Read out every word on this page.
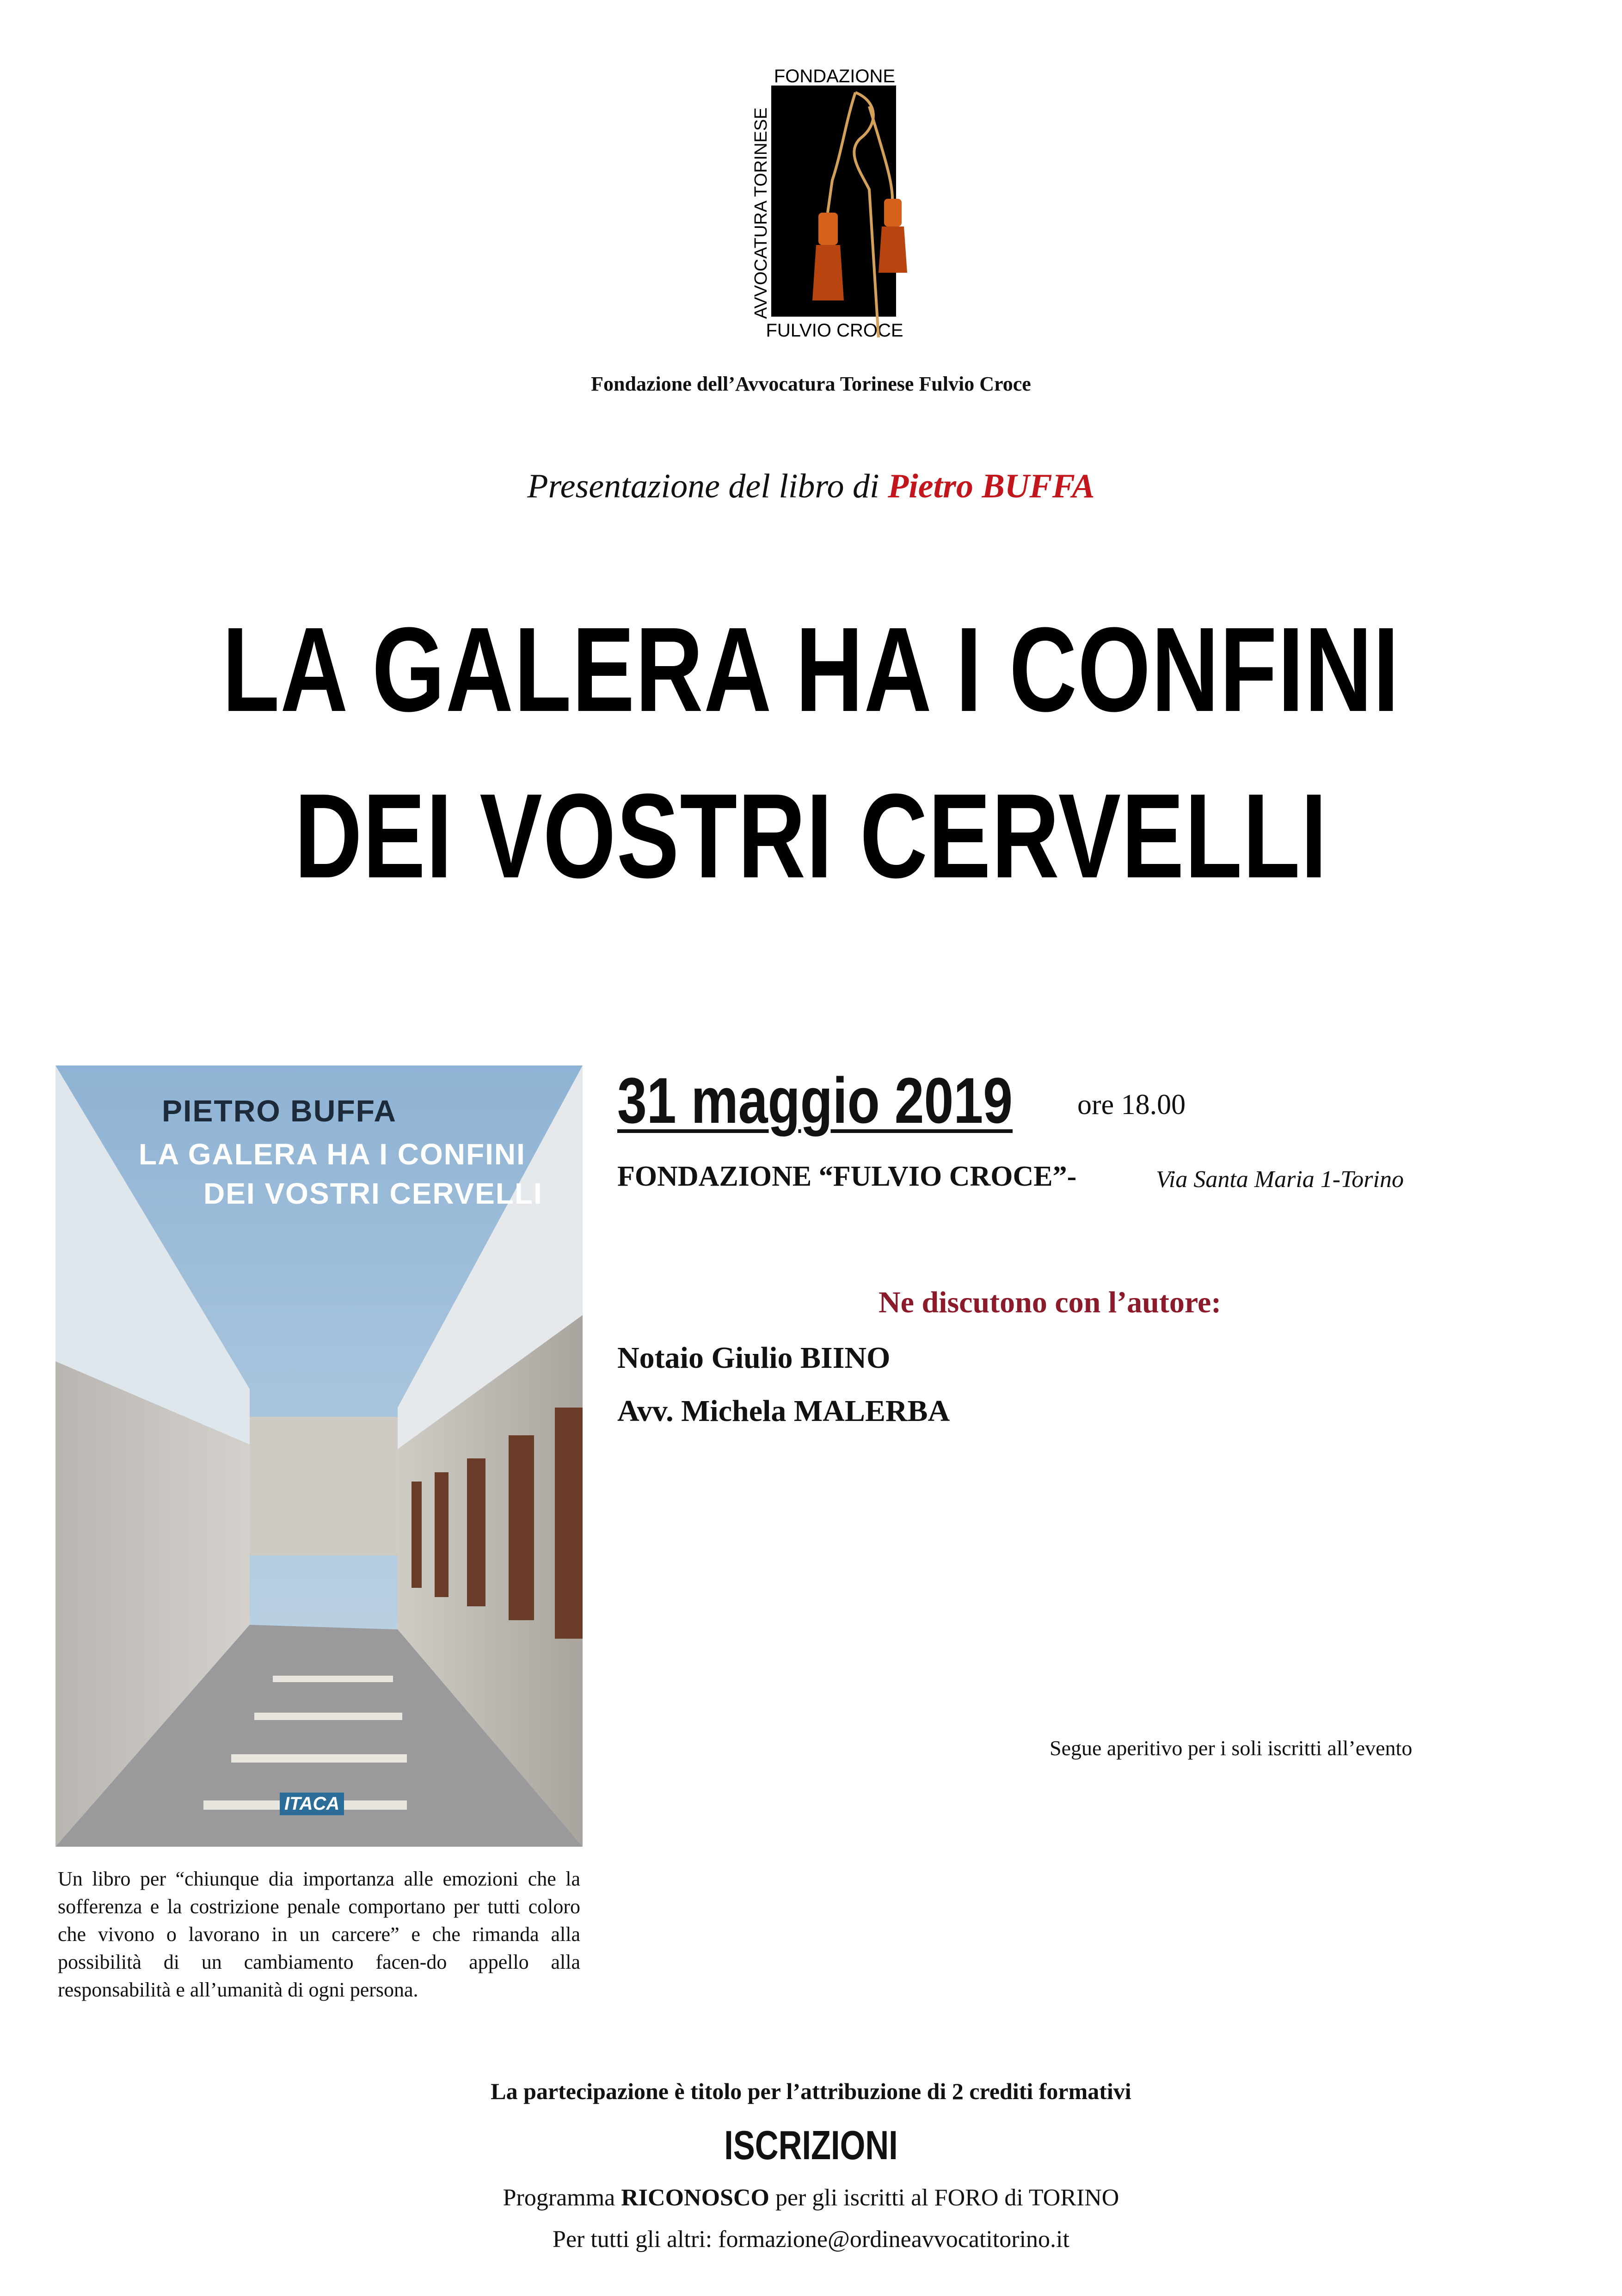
FONDAZIONE
AVVOCATURA TORINESE
FULVIO CROCE
Fondazione dell’Avvocatura Torinese Fulvio Croce
Presentazione del libro di Pietro BUFFA
LA GALERA HA I CONFINI
DEI VOSTRI CERVELLI
PIETRO BUFFA
LA GALERA HA I CONFINI
DEI VOSTRI CERVELLI
ITACA
Un libro per “chiunque dia importanza alle emozioni che la sofferenza e la costrizione penale comportano per tutti coloro che vivono o lavorano in un carcere” e che rimanda alla possibilità di un cambiamento facen-do appello alla responsabilità e all’umanità di ogni persona.
31 maggio 2019 ore 18.00
FONDAZIONE “FULVIO CROCE”-	Via Santa Maria 1-Torino
Ne discutono con l’autore:
Notaio Giulio BIINO
Avv. Michela MALERBA
Segue aperitivo per i soli iscritti all’evento
La partecipazione è titolo per l’attribuzione di 2 crediti formativi
ISCRIZIONI
Programma RICONOSCO per gli iscritti al FORO di TORINO
Per tutti gli altri: formazione@ordineavvocatitorino.it
